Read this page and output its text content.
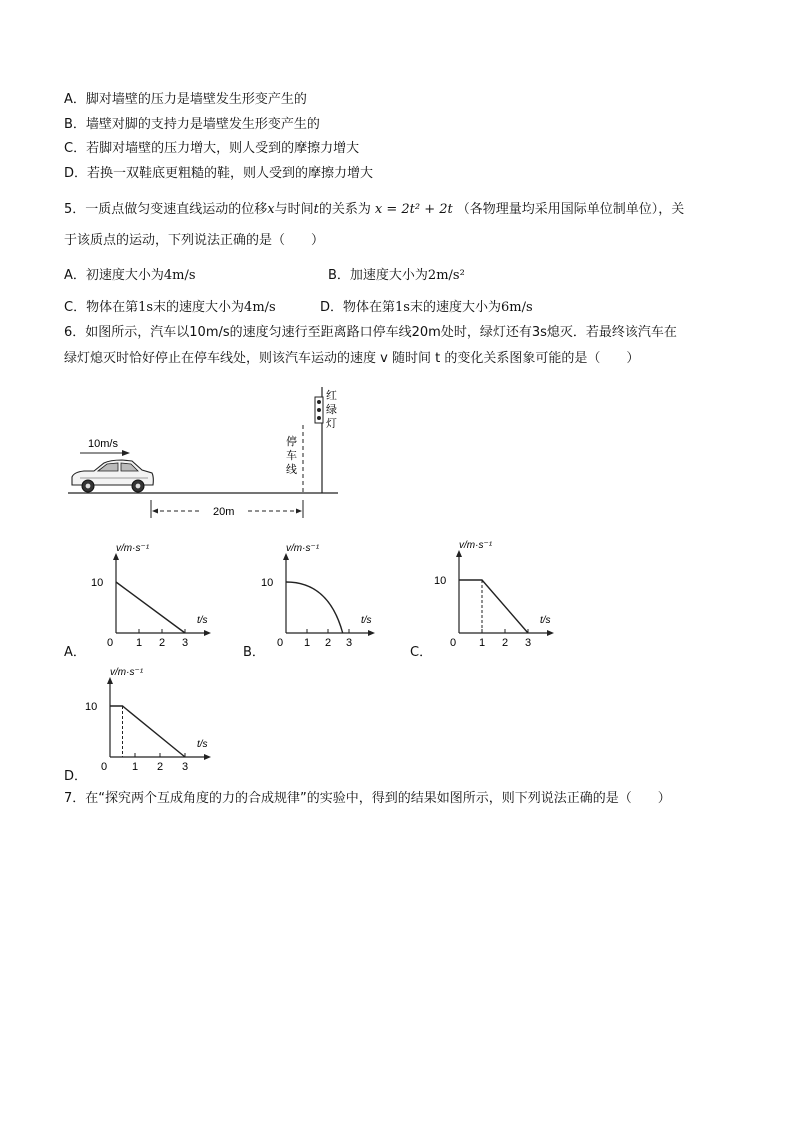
A．脚对墙壁的压力是墙壁发生形变产生的
B．墙壁对脚的支持力是墙壁发生形变产生的
C．若脚对墙壁的压力增大，则人受到的摩擦力增大
D．若换一双鞋底更粗糙的鞋，则人受到的摩擦力增大
5．一质点做匀变速直线运动的位移x与时间t的关系为 x = 2t² + 2t （各物理量均采用国际单位制单位），关
于该质点的运动，下列说法正确的是（　　）
A．初速度大小为4m/s	B．加速度大小为2m/s²
C．物体在第1s末的速度大小为4m/s	D．物体在第1s末的速度大小为6m/s
6．如图所示，汽车以10m/s的速度匀速行至距离路口停车线20m处时，绿灯还有3s熄灭．若最终该汽车在
绿灯熄灭时恰好停止在停车线处，则该汽车运动的速度 v 随时间 t 的变化关系图象可能的是（　　）
10m/s
红
绿
灯
停
车
线
20m
v/m·s⁻¹
t/s
10
0 1 2 3
v/m·s⁻¹
t/s
10
0 1 2 3
v/m·s⁻¹
t/s
10
0 1 2 3
v/m·s⁻¹
t/s
10
0 1 2 3
A．	B．	C．
D．
7．在“探究两个互成角度的力的合成规律”的实验中，得到的结果如图所示，则下列说法正确的是（　　）
